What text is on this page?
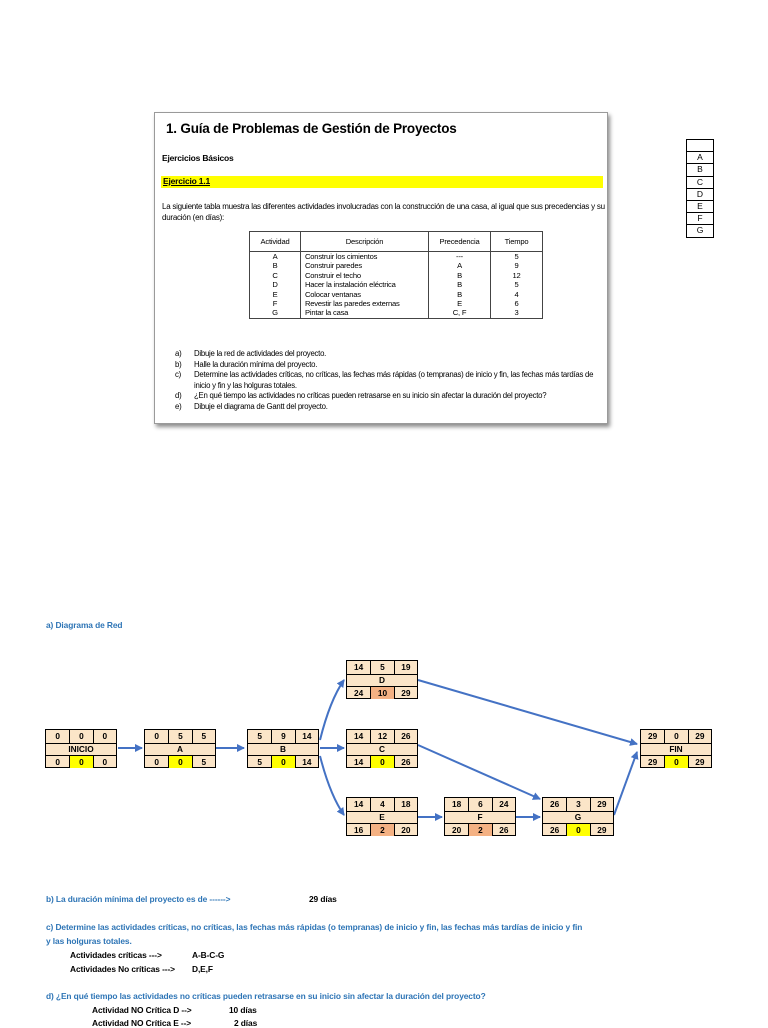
1. Guía de Problemas de Gestión de Proyectos
Ejercicios Básicos
Ejercicio 1.1
La siguiente tabla muestra las diferentes actividades involucradas con la construcción de una casa, al igual que sus precedencias y su duración (en días):
Actividad	Descripción	Precedencia	Tiempo
A	Construir los cimientos	---	5
B	Construir paredes	A	9
C	Construir el techo	B	12
D	Hacer la instalación eléctrica	B	5
E	Colocar ventanas	B	4
F	Revestir las paredes externas	E	6
G	Pintar la casa	C, F	3
a)	Dibuje la red de actividades del proyecto.
b)	Halle la duración mínima del proyecto.
c)	Determine las actividades críticas, no críticas, las fechas más rápidas (o tempranas) de inicio y fin, las fechas más tardías de inicio y fin y las holguras totales.
d)	¿En qué tiempo las actividades no críticas pueden retrasarse en su inicio sin afectar la duración del proyecto?
e)	Dibuje el diagrama de Gantt del proyecto.

A
B
C
D
E
F
G
a) Diagrama de Red
0	0	0
INICIO
0	0	0
0	5	5
A
0	0	5
5	9	14
B
5	0	14
14	5	19
D
24	10	29
14	12	26
C
14	0	26
14	4	18
E
16	2	20
18	6	24
F
20	2	26
26	3	29
G
26	0	29
29	0	29
FIN
29	0	29
b) La duración mínima del proyecto es de ------>	29 días
c) Determine las actividades críticas, no críticas, las fechas más rápidas (o tempranas) de inicio y fin, las fechas más tardías de inicio y fin
y las holguras totales.
Actividades críticas --->	A-B-C-G
Actividades No críticas ---> D,E,F
d) ¿En qué tiempo las actividades no críticas pueden retrasarse en su inicio sin afectar la duración del proyecto?
Actividad NO Crítica D -->	10 días
Actividad NO Crítica E -->	2 días
